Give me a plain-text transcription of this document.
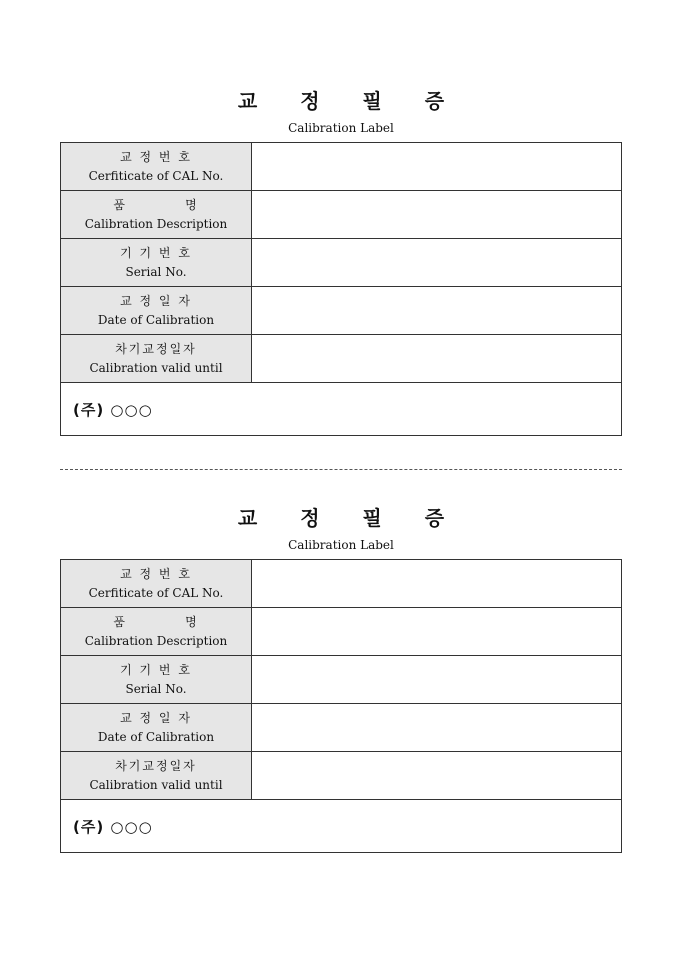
교 정 필 증
Calibration Label
교 정 번 호
Cerfiticate of CAL No.	

품          명
Calibration Description	

기 기 번 호
Serial No.	

교 정 일 자
Date of Calibration	

차기교정일자
Calibration valid until	

(주) ○○○	
교 정 필 증
Calibration Label
교 정 번 호
Cerfiticate of CAL No.	

품          명
Calibration Description	

기 기 번 호
Serial No.	

교 정 일 자
Date of Calibration	

차기교정일자
Calibration valid until	

(주) ○○○	
